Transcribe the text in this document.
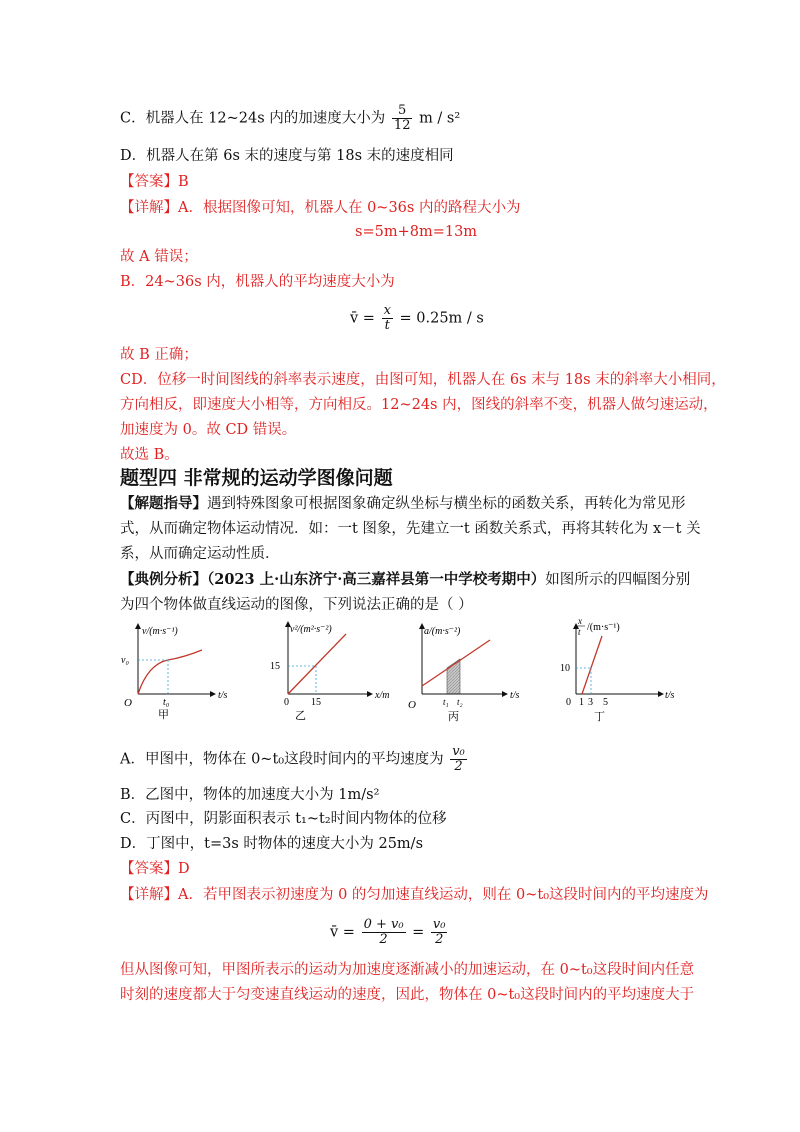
C．机器人在 12~24s 内的加速度大小为 $\frac{5}{12}$ m / s²
D．机器人在第 6s 末的速度与第 18s 末的速度相同
【答案】B
【详解】A．根据图像可知，机器人在 0~36s 内的路程大小为
s=5m+8m=13m
故 A 错误；
B．24~36s 内，机器人的平均速度大小为
v̄ = $\frac{x}{t} = 0.25m / s$
故 B 正确；
CD．位移一时间图线的斜率表示速度，由图可知，机器人在 6s 末与 18s 末的斜率大小相同，
方向相反，即速度大小相等，方向相反。12~24s 内，图线的斜率不变，机器人做匀速运动，
加速度为 0。故 CD 错误。
故选 B。
题型四 非常规的运动学图像问题
【解题指导】遇到特殊图象可根据图象确定纵坐标与横坐标的函数关系，再转化为常见形
式，从而确定物体运动情况．如：一t 图象，先建立一t 函数关系式，再将其转化为 x－t 关
系，从而确定运动性质．
【典例分析】（2023 上·山东济宁·高三嘉祥县第一中学校考期中）如图所示的四幅图分别
为四个物体做直线运动的图像，下列说法正确的是（ ）
v/(m·s⁻¹)
v₀
t₀
t/s
O
甲
v²/(m²·s⁻²)
15
0 15
x/m
乙
a/(m·s⁻²)
O	t₁ t₂
t/s
丙
x
t /(m·s⁻¹)
10
0 1 3 5
t/s
丁
A．甲图中，物体在 0~t₀这段时间内的平均速度为 $\frac{\text{v₀}}{2}$
B．乙图中，物体的加速度大小为 1m/s²
C．丙图中，阴影面积表示 t₁~t₂时间内物体的位移
D．丁图中，t=3s 时物体的速度大小为 25m/s
【答案】D
【详解】A．若甲图表示初速度为 0 的匀加速直线运动，则在 0~t₀这段时间内的平均速度为
v̄ = $\frac{\text{0 + v₀}}{2} = \frac{\text{v₀}}{2}$
但从图像可知，甲图所表示的运动为加速度逐渐减小的加速运动，在 0~t₀这段时间内任意
时刻的速度都大于匀变速直线运动的速度，因此，物体在 0~t₀这段时间内的平均速度大于
